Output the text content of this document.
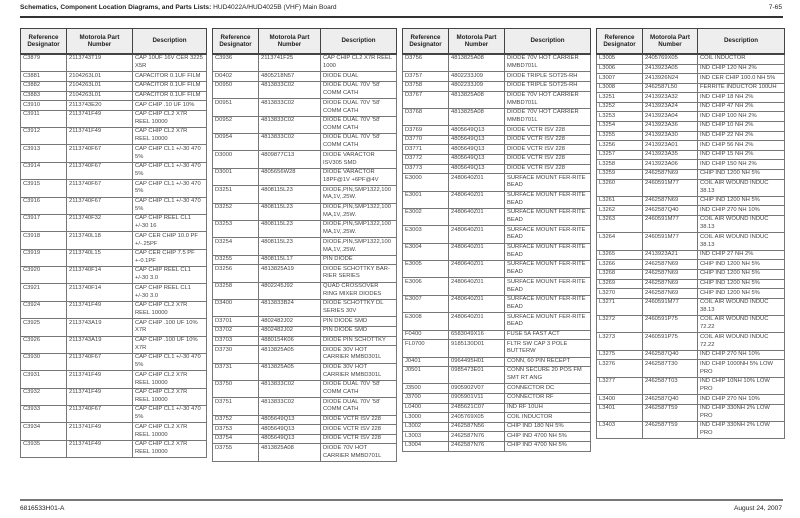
Schematics, Component Location Diagrams, and Parts Lists: HUD4022A/HUD4025B (VHF) Main Board	7-65
Reference Designator	Motorola Part Number	Description
C3879	2113743T19	CAP 10UF 16V CER 3225 X5R
C3881	2104263L01	CAPACITOR 0.1UF FILM
C3882	2104263L01	CAPACITOR 0.1UF FILM
C3883	2104263L01	CAPACITOR 0.1UF FILM
C3910	2113743E20	CAP CHIP .10 UF 10%
C3911	2113741F49	CAP CHIP CL2 X7R REEL 10000
C3912	2113741F49	CAP CHIP CL2 X7R REEL 10000
C3913	2113740F67	CAP CHIP CL1 +/-30 470 5%
C3914	2113740F67	CAP CHIP CL1 +/-30 470 5%
C3915	2113740F67	CAP CHIP CL1 +/-30 470 5%
C3916	2113740F67	CAP CHIP CL1 +/-30 470 5%
C3917	2113740F32	CAP CHIP REEL CL1 +/-30 16
C3918	2113740L18	CAP CER CHIP 10.0 PF +/-.25PF
C3919	2113740L15	CAP CER CHIP 7.5 PF +-0.1PF
C3920	2113740F14	CAP CHIP REEL CL1 +/-30 3.0
C3921	2113740F14	CAP CHIP REEL CL1 +/-30 3.0
C3924	2113741F49	CAP CHIP CL2 X7R REEL 10000
C3925	2113743A19	CAP CHIP .100 UF 10% X7R
C3926	2113743A19	CAP CHIP .100 UF 10% X7R
C3930	2113740F67	CAP CHIP CL1 +/-30 470 5%
C3931	2113741F49	CAP CHIP CL2 X7R REEL 10000
C3932	2113741F49	CAP CHIP CL2 X7R REEL 10000
C3933	2113740F67	CAP CHIP CL1 +/-30 470 5%
C3934	2113741F49	CAP CHIP CL2 X7R REEL 10000
C3935	2113741F49	CAP CHIP CL2 X7R REEL 10000
Reference Designator	Motorola Part Number	Description
C3936	2113741F25	CAP CHIP CL2 X7R REEL 1000
D0402	4805218N57	DIODE DUAL
D0950	4813833C02	DIODE DUAL 70V '58' COMM CATH
D0951	4813833C02	DIODE DUAL 70V '58' COMM CATH
D0952	4813833C02	DIODE DUAL 70V '58' COMM CATH
D0954	4813833C02	DIODE DUAL 70V '58' COMM CATH
D3000	4809877C13	DIODE VARACTOR ISV305 SMD
D3001	4805656W28	DIODE VARACTOR 18PF@1V +6PF@4V
D3251	4808115L23	DIODE,PIN,SMP1322,100 MA,1V,.25W.
D3252	4808115L23	DIODE,PIN,SMP1322,100 MA,1V,.25W.
D3253	4808115L23	DIODE,PIN,SMP1322,100 MA,1V,.25W.
D3254	4808115L23	DIODE,PIN,SMP1322,100 MA,1V,.25W.
D3255	4808115L17	PIN DIODE
D3256	4813825A19	DIODE SCHOTTKY BAR-RIER SERIES
D3258	4802245J92	QUAD CROSSOVER RING MIXER DIODES
D3400	4813833B24	DIODE SCHOTTKY DL SERIES 30V
D3701	4802482J02	PIN DIODE SMD
D3702	4802482J02	PIN DIODE SMD
D3703	4880154K06	DIODE PIN SCHOTTKY
D3730	4813825A05	DIODE 30V HOT CARRIER MMBD301L
D3731	4813825A05	DIODE 30V HOT CARRIER MMBD301L
D3750	4813833C02	DIODE DUAL 70V '58' COMM CATH
D3751	4813833C02	DIODE DUAL 70V '58' COMM CATH
D3752	4805649Q13	DIODE VCTR ISV 228
D3753	4805649Q13	DIODE VCTR ISV 228
D3754	4805649Q13	DIODE VCTR ISV 228
D3755	4813825A08	DIODE 70V HOT CARRIER MMBD701L
Reference Designator	Motorola Part Number	Description
D3756	4813825A08	DIODE 70V HOT CARRIER MMBD701L
D3757	4802233J09	DIODE TRIPLE SOT25-RH
D3758	4802233J09	DIODE TRIPLE SOT25-RH
D3767	4813825A08	DIODE 70V HOT CARRIER MMBD701L
D3768	4813825A08	DIODE 70V HOT CARRIER MMBD701L
D3769	4805649Q13	DIODE VCTR ISV 228
D3770	4805649Q13	DIODE VCTR ISV 228
D3771	4805649Q13	DIODE VCTR ISV 228
D3772	4805649Q13	DIODE VCTR ISV 228
D3773	4805649Q13	DIODE VCTR ISV 228
E3000	2480640Z01	SURFACE MOUNT FER-RITE BEAD
E3001	2480640Z01	SURFACE MOUNT FER-RITE BEAD
E3002	2480640Z01	SURFACE MOUNT FER-RITE BEAD
E3003	2480640Z01	SURFACE MOUNT FER-RITE BEAD
E3004	2480640Z01	SURFACE MOUNT FER-RITE BEAD
E3005	2480640Z01	SURFACE MOUNT FER-RITE BEAD
E3006	2480640Z01	SURFACE MOUNT FER-RITE BEAD
E3007	2480640Z01	SURFACE MOUNT FER-RITE BEAD
E3008	2480640Z01	SURFACE MOUNT FER-RITE BEAD
F0400	6583049X16	FUSE 5A FAST ACT
FL0700	9185130D01	FLTR SW CAP 3 POLE BUTTERW
J0401	0964495H01	CONN, 60 PIN RECEPT
J0501	0985473E01	CONN SECURE 20 POS FM SMT RT ANG
J3500	0905902V07	CONNECTOR DC
J3700	0905901V11	CONNECTOR RF
L0400	2485621C07	IND RF 10UH
L3000	2405769X05	COIL INDUCTOR
L3002	2462587N56	CHIP IND 180 NH 5%
L3003	2462587N76	CHIP IND 4700 NH 5%
L3004	2462587N76	CHIP IND 4700 NH 5%
Reference Designator	Motorola Part Number	Description
L3005	2405769X05	COIL INDUCTOR
L3006	2413923A05	IND CHIP 120 NH 2%
L3007	2413926N24	IND CER CHIP 100.0 NH 5%
L3008	2462587L50	FERRITE INDUCTOR 100UH
L3251	2413923A32	IND CHIP 18 NH 2%
L3252	2413923A24	IND CHIP 47 NH 2%
L3253	2413923A04	IND CHIP 100 NH 2%
L3254	2413923A36	IND CHIP 10 NH 2%
L3255	2413923A30	IND CHIP 22 NH 2%
L3256	2413923A01	IND CHIP 56 NH 2%
L3257	2413923A35	IND CHIP 15 NH 2%
L3258	2413923A06	IND CHIP 150 NH 2%
L3259	2462587N69	CHIP IND 1200 NH 5%
L3260	2460591M77	COIL AIR WOUND INDUC 38.13
L3261	2462587N69	CHIP IND 1200 NH 5%
L3262	2462587Q40	IND CHIP 270 NH 10%
L3263	2460591M77	COIL AIR WOUND INDUC 38.13
L3264	2460591M77	COIL AIR WOUND INDUC 38.13
L3265	2413923A21	IND CHIP 27 NH 2%
L3266	2462587N69	CHIP IND 1200 NH 5%
L3268	2462587N69	CHIP IND 1200 NH 5%
L3269	2462587N69	CHIP IND 1200 NH 5%
L3270	2462587N69	CHIP IND 1200 NH 5%
L3271	2460591M77	COIL AIR WOUND INDUC 38.13
L3272	2460591P75	COIL AIR WOUND INDUC 72.22
L3273	2460591P75	COIL AIR WOUND INDUC 72.22
L3275	2462587Q40	IND CHIP 270 NH 10%
L3276	2462587T30	IND CHIP 1000NH 5% LOW PRO
L3277	2462587T03	IND CHIP 10NH 10% LOW PRO
L3400	2462587Q40	IND CHIP 270 NH 10%
L3401	2462587T59	IND CHIP 330NH 2% LOW PRO
L3403	2462587T59	IND CHIP 330NH 2% LOW PRO
6816533H01-A	August 24, 2007
